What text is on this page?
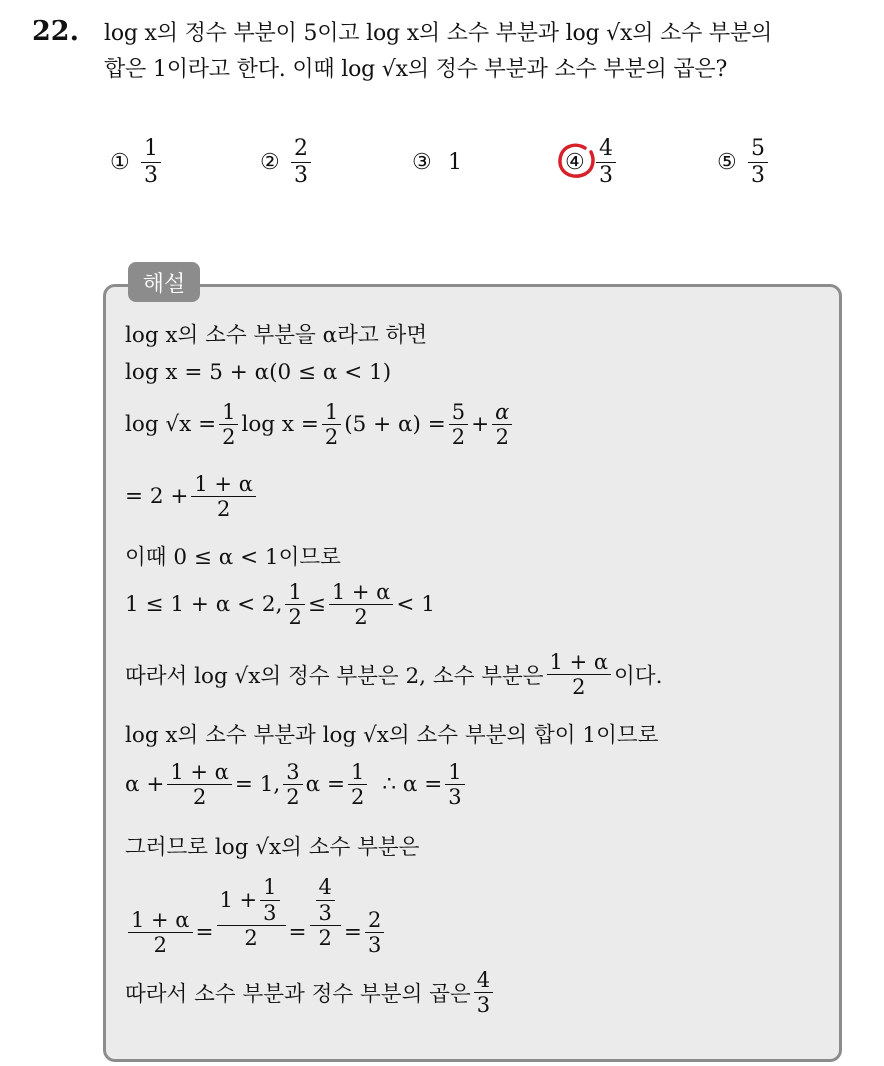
22. log x의 정수 부분이 5이고 log x의 소수 부분과 log √x의 소수 부분의
합은 1이라고 한다. 이때 log √x의 정수 부분과 소수 부분의 곱은?
① $\frac{1}{3}$	② $\frac{2}{3}$	③ 1	④ $\frac{4}{3}$	⑤ $\frac{5}{3}$
해설
log x의 소수 부분을 α라고 하면
log x = 5 + α(0 ≤ α < 1)
$\log √x = \frac{1}{2}$ $\log x = \frac{1}{2} (5 + \alpha) = \frac{5}{2} + \frac{\alpha}{2}$
= $2 + \frac{1 + \alpha}{2}$
이때 0 ≤ α < 1이므로
1 ≤ 1 + α < 2, $\frac{1}{2} \le \frac{1 + \alpha}{2} < 1$
따라서 log √x의 정수 부분은 2, 소수 부분은 $\frac{1 + \alpha}{2}$ 이다.
log x의 소수 부분과 log √x의 소수 부분의 합이 1이므로
$\alpha + \frac{1 + \alpha}{2} = 1$, $\frac{3}{2}$ $\alpha = \frac{1}{2}$ ∴ $\alpha = \frac{1}{3}$
그러므로 log √x의 소수 부분은
$\frac{1 + \alpha}{2} = \frac{1 + \frac{1}{3}}{2} = \frac{\frac{4}{3}}{2} = \frac{2}{3}$
따라서 소수 부분과 정수 부분의 곱은 $\frac{4}{3}$
